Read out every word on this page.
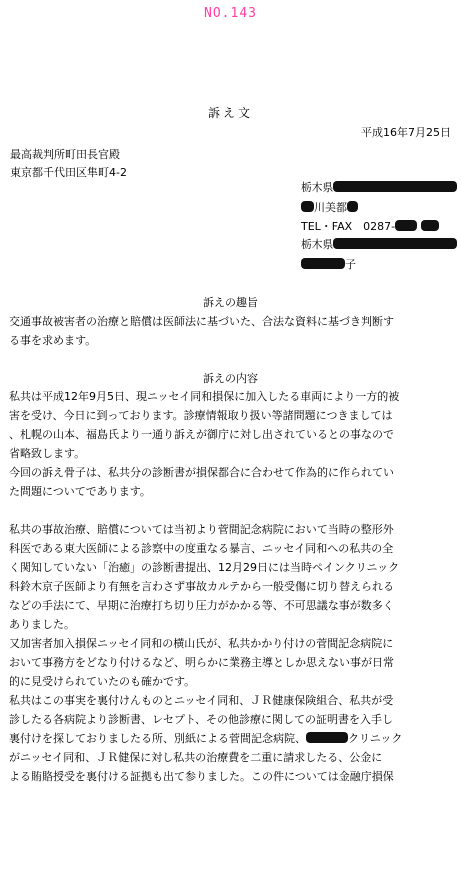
NO.143
訴え文
平成16年7月25日
最高裁判所町田長官殿
東京都千代田区隼町4-2
栃木県
川美都
TEL・FAX　0287-
栃木県
子
訴えの趣旨
交通事故被害者の治療と賠償は医師法に基づいた、合法な資料に基づき判断す
る事を求めます。
訴えの内容
私共は平成12年9月5日、現ニッセイ同和損保に加入したる車両により一方的被
害を受け、今日に到っております。診療情報取り扱い等諸問題につきましては
、札幌の山本、福島氏より一通り訴えが御庁に対し出されているとの事なので
省略致します。
今回の訴え骨子は、私共分の診断書が損保都合に合わせて作為的に作られてい
た問題についてであります。
私共の事故治療、賠償については当初より菅間記念病院において当時の整形外
科医である東大医師による診察中の度重なる暴言、ニッセイ同和への私共の全
く関知していない「治癒」の診断書提出、12月29日には当時ペインクリニック
科鈴木京子医師より有無を言わさず事故カルテから一般受傷に切り替えられる
などの手法にて、早期に治療打ち切り圧力がかかる等、不可思議な事が数多く
ありました。
又加害者加入損保ニッセイ同和の横山氏が、私共かかり付けの菅間記念病院に
おいて事務方をどなり付けるなど、明らかに業務主導としか思えない事が日常
的に見受けられていたのも確かです。
私共はこの事実を裏付けんものとニッセイ同和、ＪＲ健康保険組合、私共が受
診したる各病院より診断書、レセプト、その他診療に関しての証明書を入手し
裏付けを探しておりましたる所、別紙による菅間記念病院、	クリニック
がニッセイ同和、ＪＲ健保に対し私共の治療費を二重に請求したる、公金に
よる賄賂授受を裏付ける証拠も出て参りました。この件については金融庁損保
